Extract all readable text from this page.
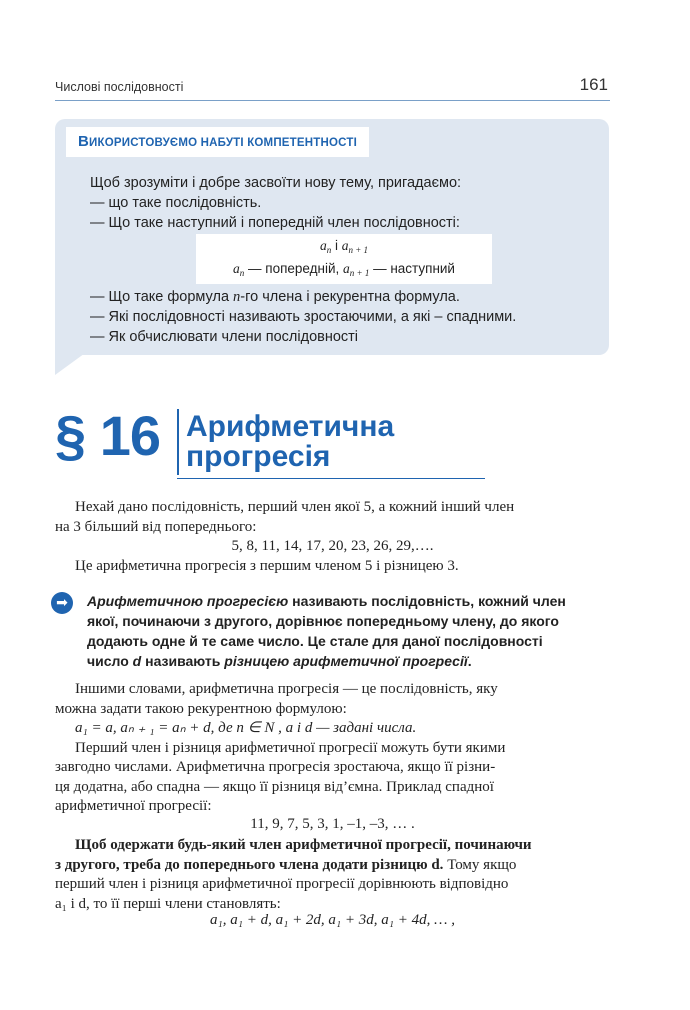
Числові послідовності	161
ВИКОРИСТОВУЄМО НАБУТІ КОМПЕТЕНТНОСТІ
Щоб зрозуміти і добре засвоїти нову тему, пригадаємо:
— що таке послідовність.
— Що таке наступний і попередній член послідовності:
$a_n$ і $a_{n + 1}$
$a_n$ — попередній, $a_{n + 1}$ — наступний
— Що таке формула n-го члена і рекурентна формула.
— Які послідовності називають зростаючими, а які – спадними.
— Як обчислювати члени послідовності
§ 16 Арифметична
прогресія
Нехай дано послідовність, перший член якої 5, а кожний інший член
на 3 більший від попереднього:
5, 8, 11, 14, 17, 20, 23, 26, 29,….
Це арифметична прогресія з першим членом 5 і різницею 3.
➡	Арифметичною прогресією називають послідовність, кожний член
якої, починаючи з другого, дорівнює попередньому члену, до якого
додають одне й те саме число. Це стале для даної послідовності
число d називають різницею арифметичної прогресії.
Іншими словами, арифметична прогресія — це послідовність, яку
можна задати такою рекурентною формулою:
a₁ = a, aₙ ₊ ₁ = aₙ + d, де n ∈ N , a і d — задані числа.
Перший член і різниця арифметичної прогресії можуть бути якими
завгодно числами. Арифметична прогресія зростаюча, якщо її різни-
ця додатна, або спадна — якщо її різниця від’ємна. Приклад спадної
арифметичної прогресії:
11, 9, 7, 5, 3, 1, –1, –3, … .
Щоб одержати будь-який член арифметичної прогресії, починаючи
з другого, треба до попереднього члена додати різницю d. Тому якщо
перший член і різниця арифметичної прогресії дорівнюють відповідно
a₁ і d, то її перші члени становлять:
a₁, a₁ + d, a₁ + 2d, a₁ + 3d, a₁ + 4d, … ,
